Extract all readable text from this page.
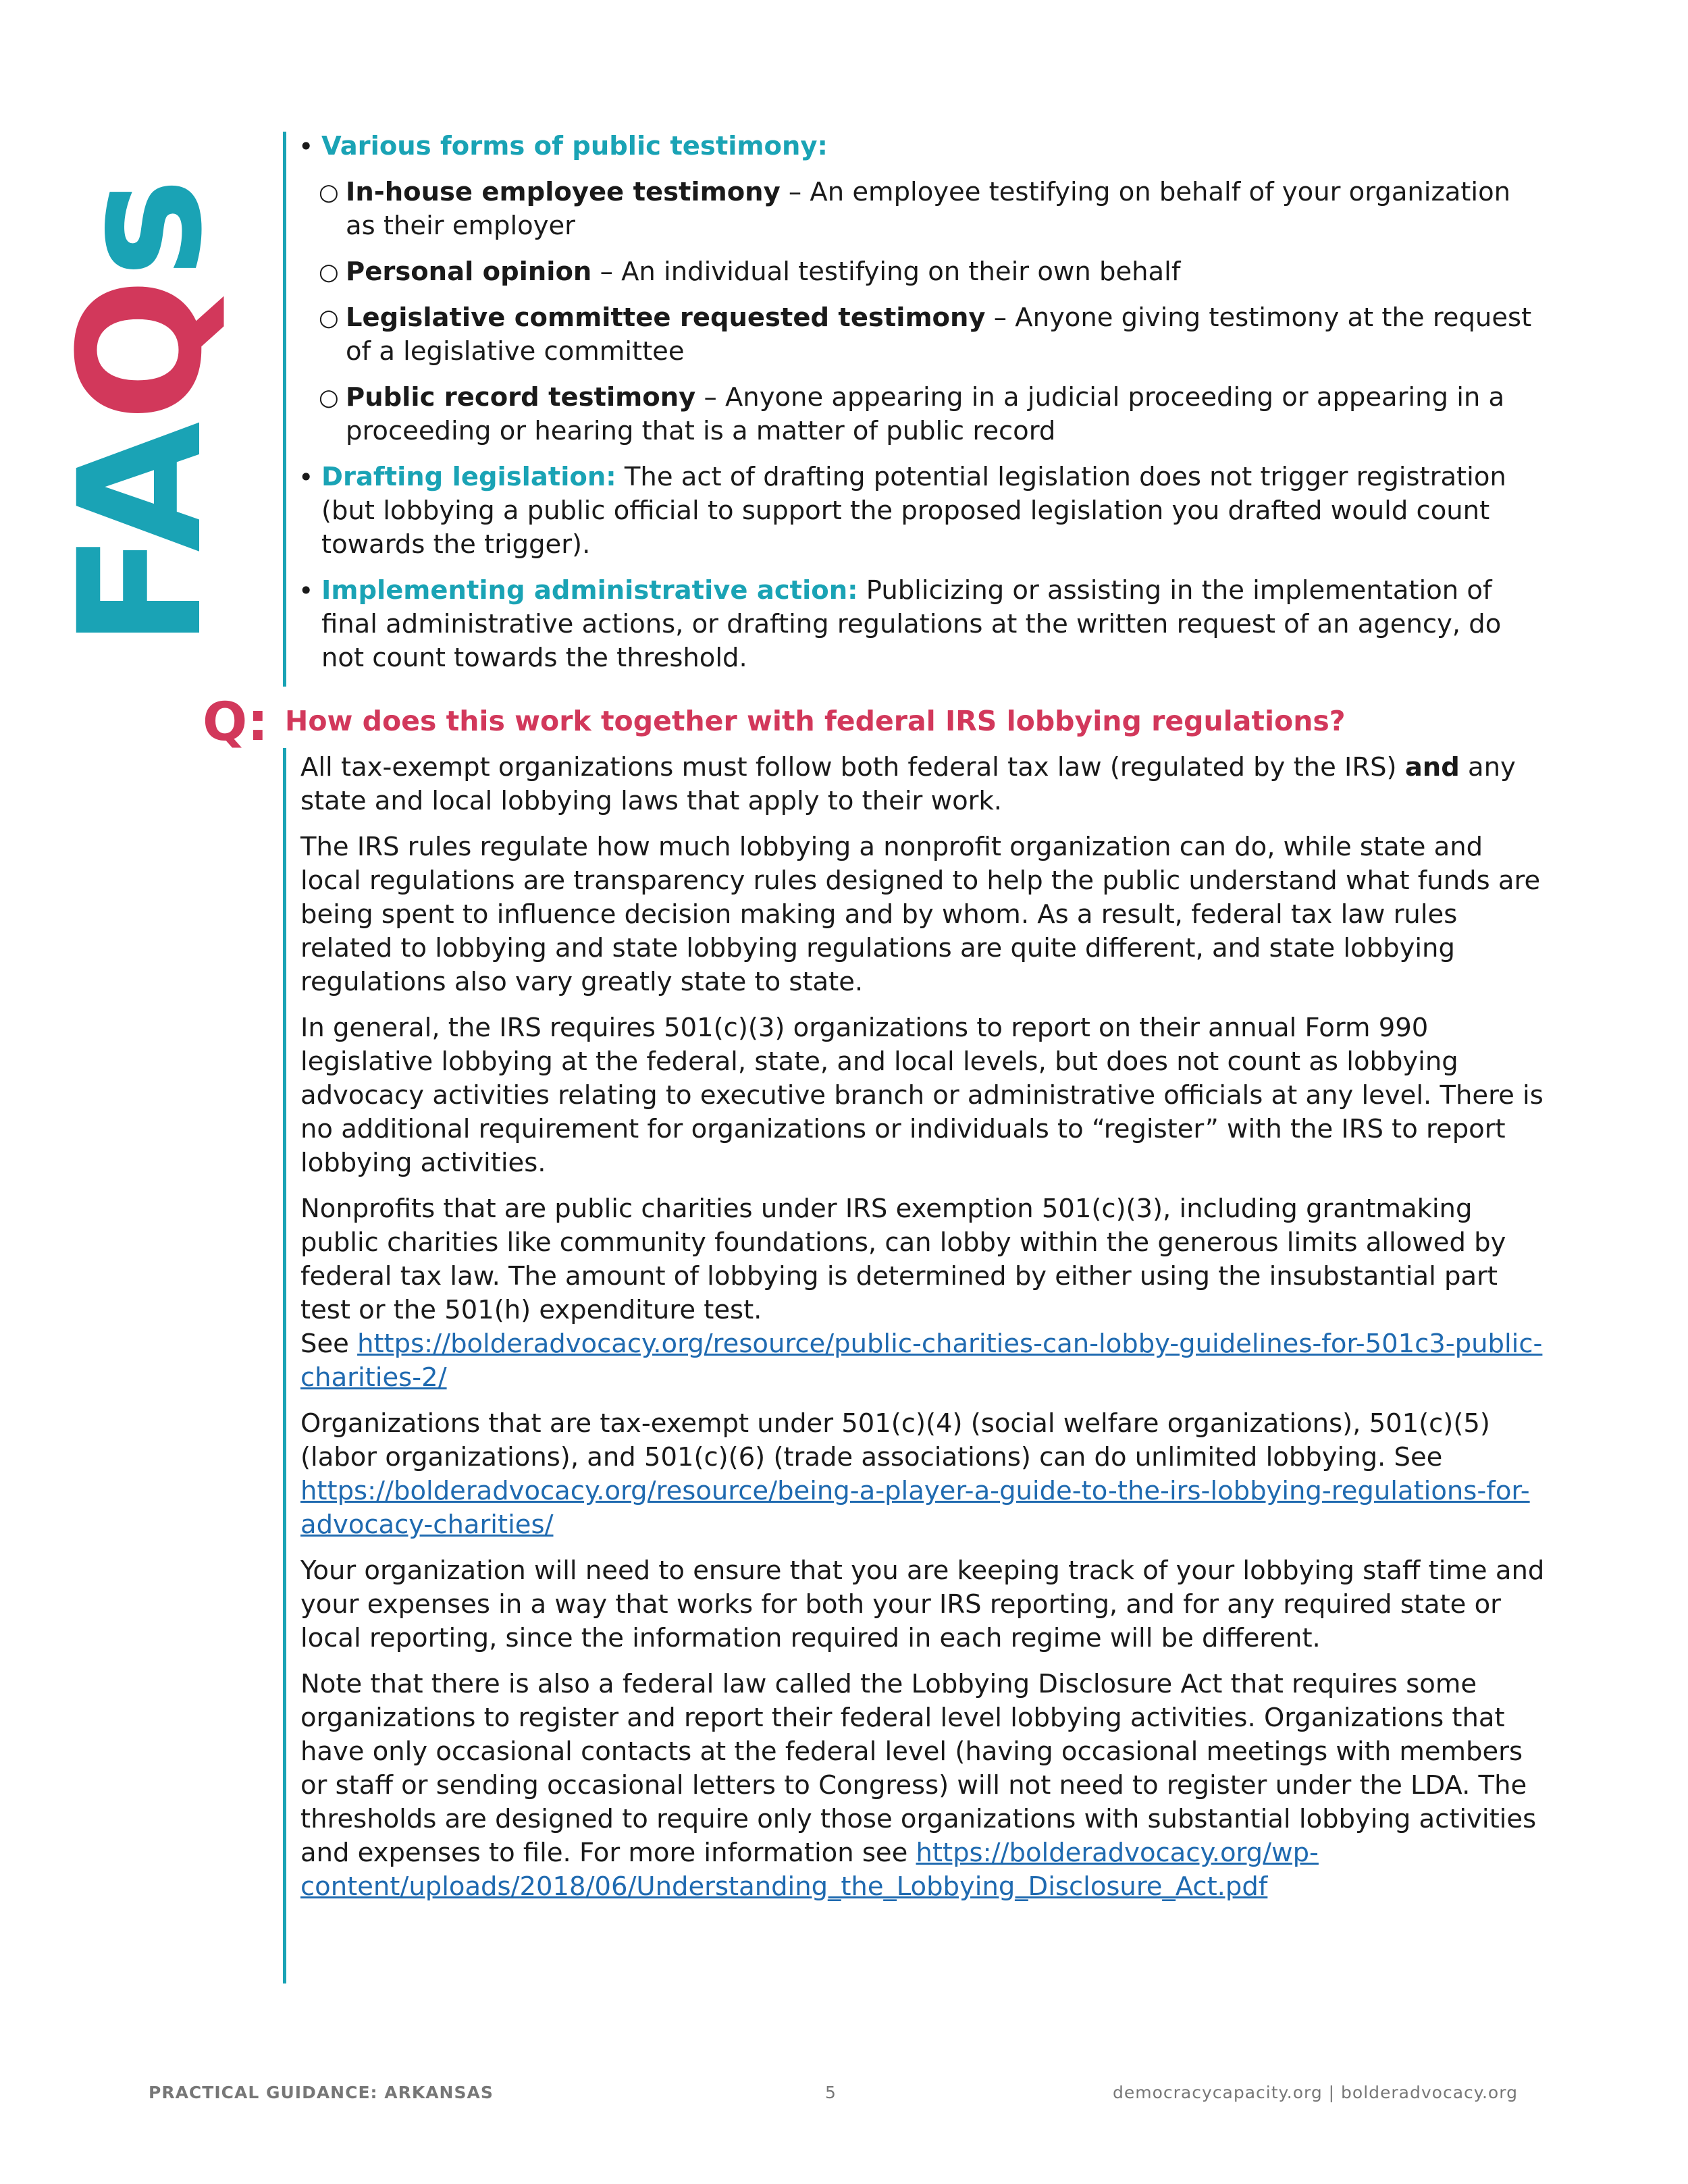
FAQs
• Various forms of public testimony:
○ In-house employee testimony – An employee testifying on behalf of your organization as their employer
○ Personal opinion – An individual testifying on their own behalf
○ Legislative committee requested testimony – Anyone giving testimony at the request of a legislative committee
○ Public record testimony – Anyone appearing in a judicial proceeding or appearing in a proceeding or hearing that is a matter of public record
• Drafting legislation: The act of drafting potential legislation does not trigger registration (but lobbying a public official to support the proposed legislation you drafted would count towards the trigger).
• Implementing administrative action: Publicizing or assisting in the implementation of final administrative actions, or drafting regulations at the written request of an agency, do not count towards the threshold.
Q: How does this work together with federal IRS lobbying regulations?

All tax-exempt organizations must follow both federal tax law (regulated by the IRS) and any state and local lobbying laws that apply to their work.

The IRS rules regulate how much lobbying a nonprofit organization can do, while state and local regulations are transparency rules designed to help the public understand what funds are being spent to influence decision making and by whom. As a result, federal tax law rules related to lobbying and state lobbying regulations are quite different, and state lobbying regulations also vary greatly state to state.

In general, the IRS requires 501(c)(3) organizations to report on their annual Form 990 legislative lobbying at the federal, state, and local levels, but does not count as lobbying advocacy activities relating to executive branch or administrative officials at any level. There is no additional requirement for organizations or individuals to “register” with the IRS to report lobbying activities.

Nonprofits that are public charities under IRS exemption 501(c)(3), including grantmaking public charities like community foundations, can lobby within the generous limits allowed by federal tax law. The amount of lobbying is determined by either using the insubstantial part test or the 501(h) expenditure test.
See https://bolderadvocacy.org/resource/public-charities-can-lobby-guidelines-for-501c3-public-charities-2/

Organizations that are tax-exempt under 501(c)(4) (social welfare organizations), 501(c)(5) (labor organizations), and 501(c)(6) (trade associations) can do unlimited lobbying. See https://bolderadvocacy.org/resource/being-a-player-a-guide-to-the-irs-lobbying-regulations-for-advocacy-charities/

Your organization will need to ensure that you are keeping track of your lobbying staff time and your expenses in a way that works for both your IRS reporting, and for any required state or local reporting, since the information required in each regime will be different.

Note that there is also a federal law called the Lobbying Disclosure Act that requires some organizations to register and report their federal level lobbying activities. Organizations that have only occasional contacts at the federal level (having occasional meetings with members or staff or sending occasional letters to Congress) will not need to register under the LDA. The thresholds are designed to require only those organizations with substantial lobbying activities and expenses to file. For more information see https://bolderadvocacy.org/wp-content/uploads/2018/06/Understanding_the_Lobbying_Disclosure_Act.pdf

PRACTICAL GUIDANCE: ARKANSAS	5	democracycapacity.org | bolderadvocacy.org
